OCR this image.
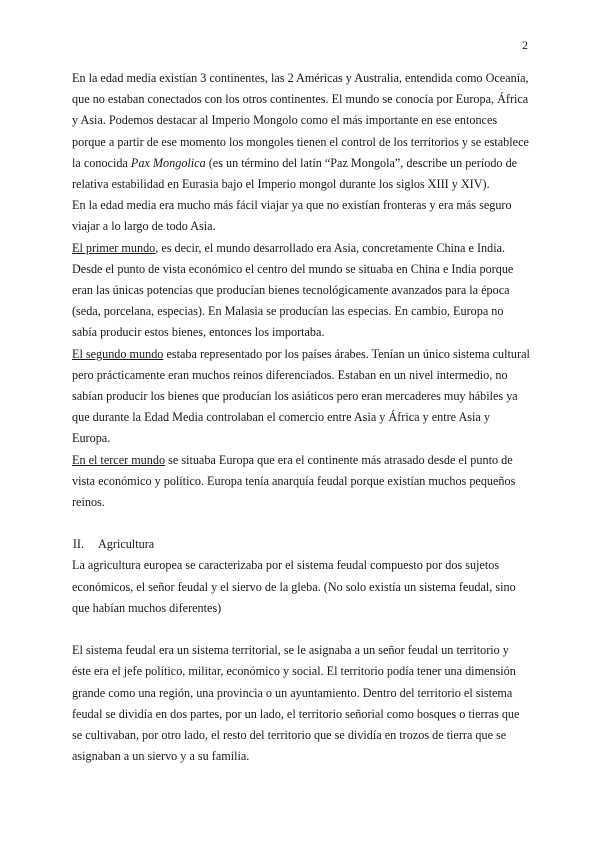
2

En la edad media existían 3 continentes, las 2 Américas y Australia, entendida como Oceanía, que no estaban conectados con los otros continentes. El mundo se conocía por Europa, África y Asia. Podemos destacar al Imperio Mongolo como el más importante en ese entonces porque a partir de ese momento los mongoles tienen el control de los territorios y se establece la conocida Pax Mongolica (es un término del latín “Paz Mongola”, describe un período de relativa estabilidad en Eurasia bajo el Imperio mongol durante los siglos XIII y XIV).

En la edad media era mucho más fácil viajar ya que no existían fronteras y era más seguro viajar a lo largo de todo Asia.

El primer mundo, es decir, el mundo desarrollado era Asia, concretamente China e India. Desde el punto de vista económico el centro del mundo se situaba en China e India porque eran las únicas potencias que producían bienes tecnológicamente avanzados para la época (seda, porcelana, especias). En Malasia se producían las especias. En cambio, Europa no sabía producir estos bienes, entonces los importaba.

El segundo mundo estaba representado por los países árabes. Tenían un único sistema cultural pero prácticamente eran muchos reinos diferenciados. Estaban en un nivel intermedio, no sabían producir los bienes que producían los asiáticos pero eran mercaderes muy hábiles ya que durante la Edad Media controlaban el comercio entre Asia y África y entre Asia y Europa.

En el tercer mundo se situaba Europa que era el continente más atrasado desde el punto de vista económico y político. Europa tenía anarquía feudal porque existían muchos pequeños reinos.

II.	Agricultura

La agricultura europea se caracterizaba por el sistema feudal compuesto por dos sujetos económicos, el señor feudal y el siervo de la gleba. (No solo existía un sistema feudal, sino que habían muchos diferentes)

El sistema feudal era un sistema territorial, se le asignaba a un señor feudal un territorio y éste era el jefe político, militar, económico y social. El territorio podía tener una dimensión grande como una región, una provincia o un ayuntamiento. Dentro del territorio el sistema feudal se dividía en dos partes, por un lado, el territorio señorial como bosques o tierras que se cultivaban, por otro lado, el resto del territorio que se dividía en trozos de tierra que se asignaban a un siervo y a su familia.
